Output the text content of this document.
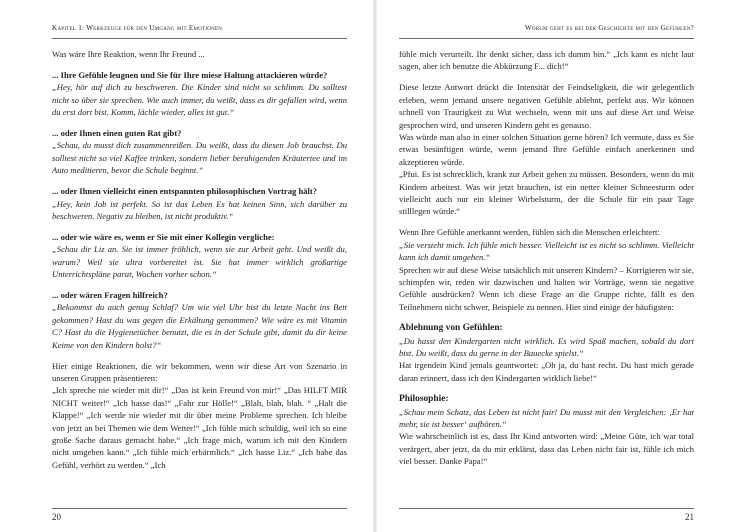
Kapitel 1: Werkzeuge für den Umgang mit Emotionen

Was wäre Ihre Reaktion, wenn Ihr Freund ...

... Ihre Gefühle leugnen und Sie für Ihre miese Haltung attackieren würde?

„Hey, hör auf dich zu beschweren. Die Kinder sind nicht so schlimm. Du solltest nicht so über sie sprechen. Wie auch immer, du weißt, dass es dir gefallen wird, wenn du erst dort bist. Komm, lächle wieder, alles ist gut.“

... oder Ihnen einen guten Rat gibt?

„Schau, du musst dich zusammenreißen. Du weißt, dass du diesen Job brauchst. Du solltest nicht so viel Kaffee trinken, sondern lieber beruhigenden Kräutertee und im Auto meditieren, bevor die Schule beginnt.“

... oder Ihnen vielleicht einen entspannten philosophischen Vortrag hält?

„Hey, kein Job ist perfekt. So ist das Leben Es hat keinen Sinn, sich darüber zu beschweren. Negativ zu bleiben, ist nicht produktiv.“

... oder wie wäre es, wenn er Sie mit einer Kollegin vergliche:

„Schau dir Liz an. Sie ist immer fröhlich, wenn sie zur Arbeit geht. Und weißt du, warum? Weil sie ultra vorbereitet ist. Sie hat immer wirklich großartige Unterrichtspläne parat, Wochen vorher schon.“

... oder wären Fragen hilfreich?

„Bekommst du auch genug Schlaf? Um wie viel Uhr bist du letzte Nacht ins Bett gekommen? Hast du was gegen die Erkältung genommen? Wie wäre es mit Vitamin C? Hast du die Hygienetücher benutzt, die es in der Schule gibt, damit du dir keine Keime von den Kindern holst?“

Hier einige Reaktionen, die wir bekommen, wenn wir diese Art von Szenario in unseren Gruppen präsentieren:

„Ich spreche nie wieder mit dir!“ „Das ist kein Freund von mir!“ „Das HILFT MIR NICHT weiter!“ „Ich hasse das!“ „Fahr zur Hölle!“ „Blah, blah, blah. “ „Halt die Klappe!“ „Ich werde nie wieder mit dir über meine Probleme sprechen. Ich bleibe von jetzt an bei Themen wie dem Wetter!“ „Ich fühle mich schuldig, weil ich so eine große Sache daraus gemacht habe.“ „Ich frage mich, warum ich mit den Kindern nicht umgehen kann.“ „Ich fühle mich erbärmlich.“ „Ich hasse Liz.“ „Ich habe das Gefühl, verhört zu werden.“ „Ich

20
Worum geht es bei der Geschichte mit den Gefühlen?

fühle mich verurteilt. Ihr denkt sicher, dass ich dumm bin.“ „Ich kann es nicht laut sagen, aber ich benutze die Abkürzung F... dich!“

Diese letzte Antwort drückt die Intensität der Feindseligkeit, die wir gelegentlich erleben, wenn jemand unsere negativen Gefühle ablehnt, perfekt aus. Wir können schnell von Traurigkeit zu Wut wechseln, wenn mit uns auf diese Art und Weise gesprochen wird, und unseren Kindern geht es genauso.

Was würde man also in einer solchen Situation gerne hören? Ich vermute, dass es Sie etwas besänftigen würde, wenn jemand Ihre Gefühle einfach anerkennen und akzeptieren würde.

„Pfui. Es ist schrecklich, krank zur Arbeit gehen zu müssen. Besonders, wenn du mit Kindern arbeitest. Was wir jetzt brauchen, ist ein netter kleiner Schneesturm oder vielleicht auch nur ein kleiner Wirbelsturm, der die Schule für ein paar Tage stilllegen würde.“

Wenn Ihre Gefühle anerkannt werden, fühlen sich die Menschen erleichtert:

„Sie versteht mich. Ich fühle mich besser. Vielleicht ist es nicht so schlimm. Vielleicht kann ich damit umgehen.“

Sprechen wir auf diese Weise tatsächlich mit unseren Kindern? – Korrigieren wir sie, schimpfen wir, reden wir dazwischen und halten wir Vorträge, wenn sie negative Gefühle ausdrücken? Wenn ich diese Frage an die Gruppe richte, fällt es den Teilnehmern nicht schwer, Beispiele zu nennen. Hier sind einige der häufigsten:

Ablehnung von Gefühlen:

„Du hasst den Kindergarten nicht wirklich. Es wird Spaß machen, sobald du dort bist. Du weißt, dass du gerne in der Bauecke spielst.“

Hat irgendein Kind jemals geantwortet: „Oh ja, du hast recht. Du hast mich gerade daran erinnert, dass ich den Kindergarten wirklich liebe!“

Philosophie:

„Schau mein Schatz, das Leben ist nicht fair! Du musst mit den Vergleichen: ‚Er hat mehr, sie ist besser‘ aufhören.“

Wie wahrscheinlich ist es, dass Ihr Kind antworten wird: „Meine Güte, ich war total verärgert, aber jetzt, da du mir erklärst, dass das Leben nicht fair ist, fühle ich mich viel besser. Danke Papa!“

21
